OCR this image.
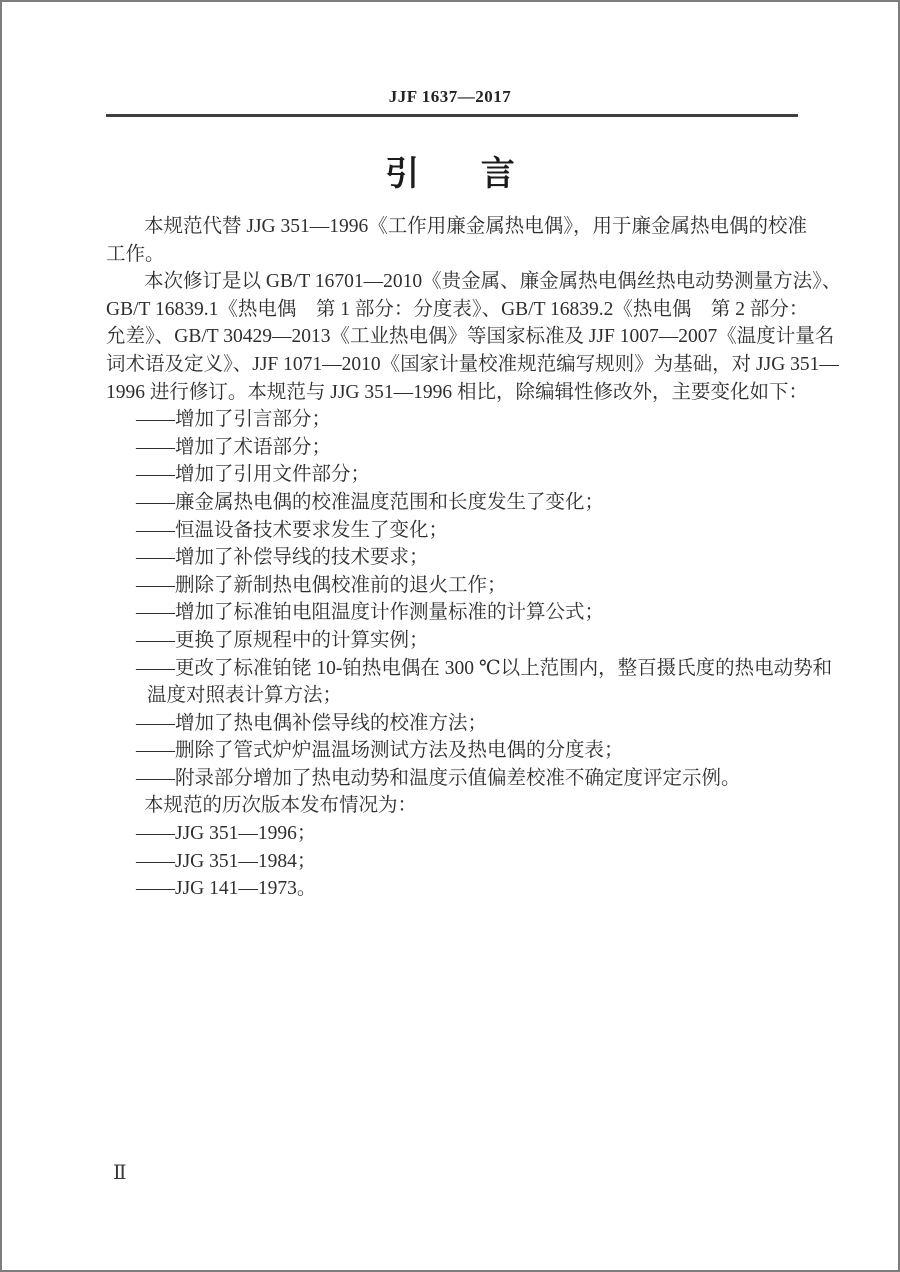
JJF 1637—2017
引 言
本规范代替 JJG 351—1996《工作用廉金属热电偶》，用于廉金属热电偶的校准
工作。
本次修订是以 GB/T 16701—2010《贵金属、廉金属热电偶丝热电动势测量方法》、
GB/T 16839.1《热电偶　第 1 部分：分度表》、GB/T 16839.2《热电偶　第 2 部分：
允差》、GB/T 30429—2013《工业热电偶》等国家标准及 JJF 1007—2007《温度计量名
词术语及定义》、JJF 1071—2010《国家计量校准规范编写规则》为基础，对 JJG 351—
1996 进行修订。本规范与 JJG 351—1996 相比，除编辑性修改外，主要变化如下：
——增加了引言部分；
——增加了术语部分；
——增加了引用文件部分；
——廉金属热电偶的校准温度范围和长度发生了变化；
——恒温设备技术要求发生了变化；
——增加了补偿导线的技术要求；
——删除了新制热电偶校准前的退火工作；
——增加了标准铂电阻温度计作测量标准的计算公式；
——更换了原规程中的计算实例；
——更改了标准铂铑 10-铂热电偶在 300 ℃以上范围内，整百摄氏度的热电动势和
温度对照表计算方法；
——增加了热电偶补偿导线的校准方法；
——删除了管式炉炉温温场测试方法及热电偶的分度表；
——附录部分增加了热电动势和温度示值偏差校准不确定度评定示例。
本规范的历次版本发布情况为：
——JJG 351—1996；
——JJG 351—1984；
——JJG 141—1973。
Ⅱ
